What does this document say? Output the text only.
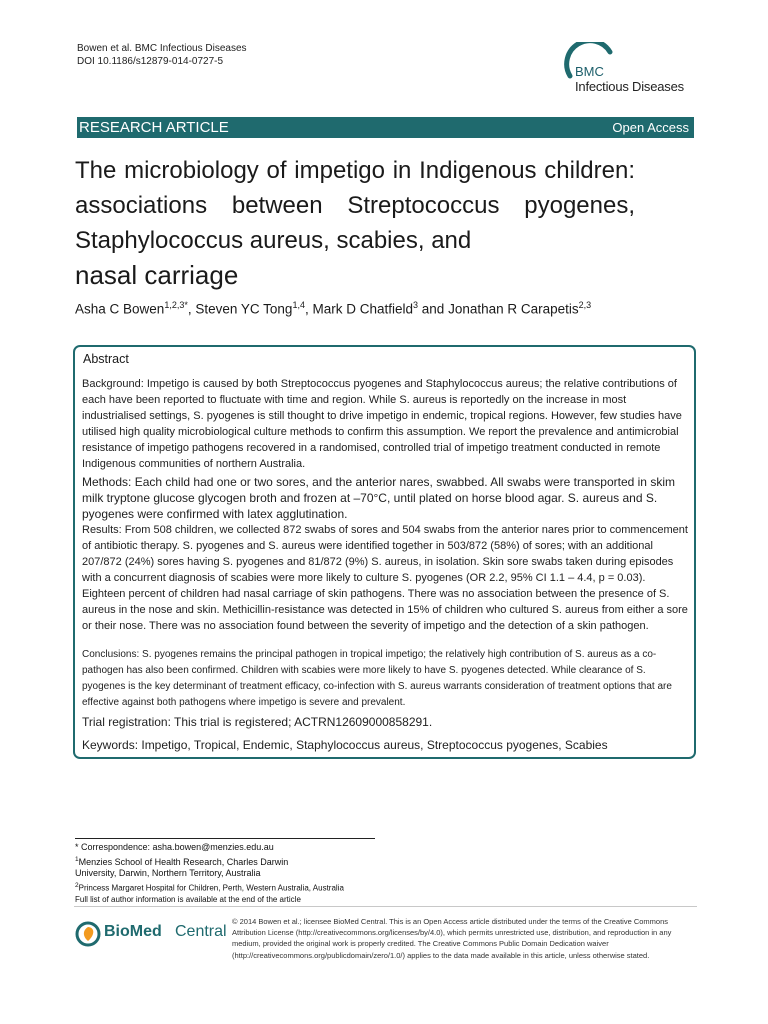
Bowen et al. BMC Infectious Diseases
DOI 10.1186/s12879-014-0727-5
BMC
Infectious Diseases
RESEARCH ARTICLE	Open Access
The microbiology of impetigo in Indigenous children: associations between Streptococcus pyogenes, Staphylococcus aureus, scabies, and
nasal carriage
Asha C Bowen$^{1,2,3*}$, Steven YC Tong$^{1,4}$, Mark D Chatfield$^3$ and Jonathan R Carapetis$^{2,3}$
Abstract
Background: Impetigo is caused by both Streptococcus pyogenes and Staphylococcus aureus; the relative contributions of each have been reported to fluctuate with time and region. While S. aureus is reportedly on the increase in most industrialised settings, S. pyogenes is still thought to drive impetigo in endemic, tropical regions. However, few studies have utilised high quality microbiological culture methods to confirm this assumption. We report the prevalence and antimicrobial resistance of impetigo pathogens recovered in a randomised, controlled trial of impetigo treatment conducted in remote Indigenous communities of northern Australia.
Methods: Each child had one or two sores, and the anterior nares, swabbed. All swabs were transported in skim milk tryptone glucose glycogen broth and frozen at –70°C, until plated on horse blood agar. S. aureus and S. pyogenes were confirmed with latex agglutination.
Results: From 508 children, we collected 872 swabs of sores and 504 swabs from the anterior nares prior to commencement of antibiotic therapy. S. pyogenes and S. aureus were identified together in 503/872 (58%) of sores; with an additional 207/872 (24%) sores having S. pyogenes and 81/872 (9%) S. aureus, in isolation. Skin sore swabs taken during episodes with a concurrent diagnosis of scabies were more likely to culture S. pyogenes (OR 2.2, 95% CI 1.1 – 4.4, p = 0.03). Eighteen percent of children had nasal carriage of skin pathogens. There was no association between the presence of S. aureus in the nose and skin. Methicillin-resistance was detected in 15% of children who cultured S. aureus from either a sore or their nose. There was no association found between the severity of impetigo and the detection of a skin pathogen.
Conclusions: S. pyogenes remains the principal pathogen in tropical impetigo; the relatively high contribution of S. aureus as a co-pathogen has also been confirmed. Children with scabies were more likely to have S. pyogenes detected. While clearance of S. pyogenes is the key determinant of treatment efficacy, co-infection with S. aureus warrants consideration of treatment options that are effective against both pathogens where impetigo is severe and prevalent.
Trial registration: This trial is registered; ACTRN12609000858291.
Keywords: Impetigo, Tropical, Endemic, Staphylococcus aureus, Streptococcus pyogenes, Scabies
* Correspondence: asha.bowen@menzies.edu.au
$^1$Menzies School of Health Research, Charles Darwin
University, Darwin, Northern Territory, Australia
$^2$Princess Margaret Hospital for Children, Perth, Western Australia, Australia
Full list of author information is available at the end of the article
BioMed Central
© 2014 Bowen et al.; licensee BioMed Central. This is an Open Access article distributed under the terms of the Creative Commons Attribution License (http://creativecommons.org/licenses/by/4.0), which permits unrestricted use, distribution, and reproduction in any medium, provided the original work is properly credited. The Creative Commons Public Domain Dedication waiver (http://creativecommons.org/publicdomain/zero/1.0/) applies to the data made available in this article, unless otherwise stated.
